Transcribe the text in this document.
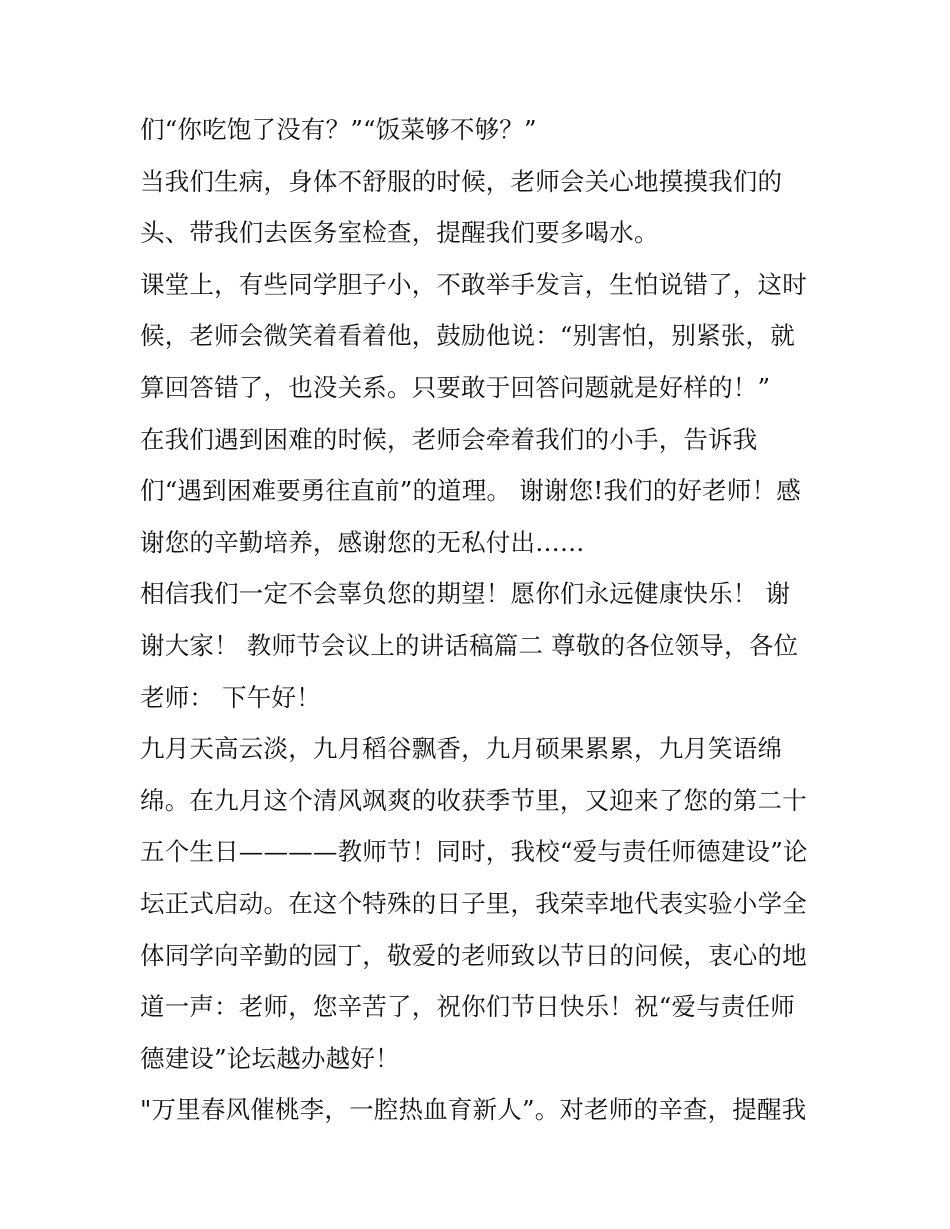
们“你吃饱了没有？”“饭菜够不够？”
当我们生病，身体不舒服的时候，老师会关心地摸摸我们的
头、带我们去医务室检查，提醒我们要多喝水。
课堂上，有些同学胆子小，不敢举手发言，生怕说错了，这时
候，老师会微笑着看着他，鼓励他说：“别害怕，别紧张，就
算回答错了，也没关系。只要敢于回答问题就是好样的！”
在我们遇到困难的时候，老师会牵着我们的小手，告诉我
们“遇到困难要勇往直前”的道理。 谢谢您!我们的好老师！感
谢您的辛勤培养，感谢您的无私付出……
相信我们一定不会辜负您的期望！愿你们永远健康快乐！ 谢
谢大家！ 教师节会议上的讲话稿篇二 尊敬的各位领导，各位
老师： 下午好！
九月天高云淡，九月稻谷飘香，九月硕果累累，九月笑语绵
绵。在九月这个清风飒爽的收获季节里，又迎来了您的第二十
五个生日————教师节！同时，我校“爱与责任师德建设”论
坛正式启动。在这个特殊的日子里，我荣幸地代表实验小学全
体同学向辛勤的园丁，敬爱的老师致以节日的问候，衷心的地
道一声：老师，您辛苦了，祝你们节日快乐！祝“爱与责任师
德建设”论坛越办越好！
"万里春风催桃李，一腔热血育新人”。对老师的辛查，提醒我
